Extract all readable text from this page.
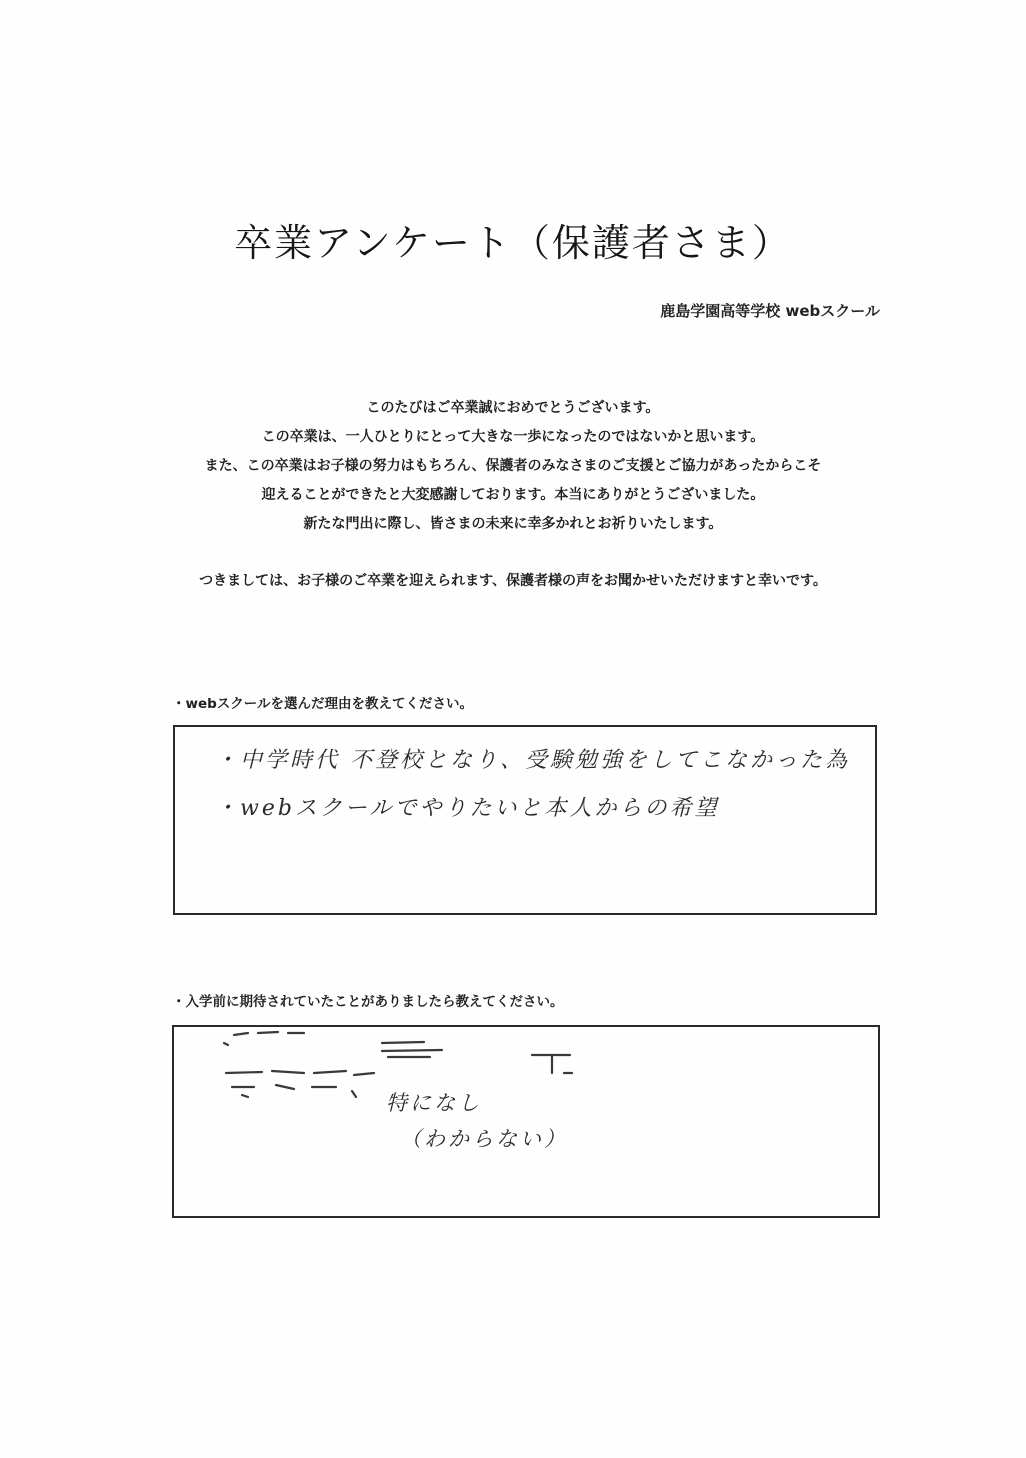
卒業アンケート（保護者さま）
鹿島学園高等学校 webスクール
このたびはご卒業誠におめでとうございます。
この卒業は、一人ひとりにとって大きな一歩になったのではないかと思います。
また、この卒業はお子様の努力はもちろん、保護者のみなさまのご支援とご協力があったからこそ
迎えることができたと大変感謝しております。本当にありがとうございました。
新たな門出に際し、皆さまの未来に幸多かれとお祈りいたします。
つきましては、お子様のご卒業を迎えられます、保護者様の声をお聞かせいただけますと幸いです。
・webスクールを選んだ理由を教えてください。
・中学時代 不登校となり、受験勉強をしてこなかった為
・webスクールでやりたいと本人からの希望
・入学前に期待されていたことがありましたら教えてください。
特になし
（わからない）
